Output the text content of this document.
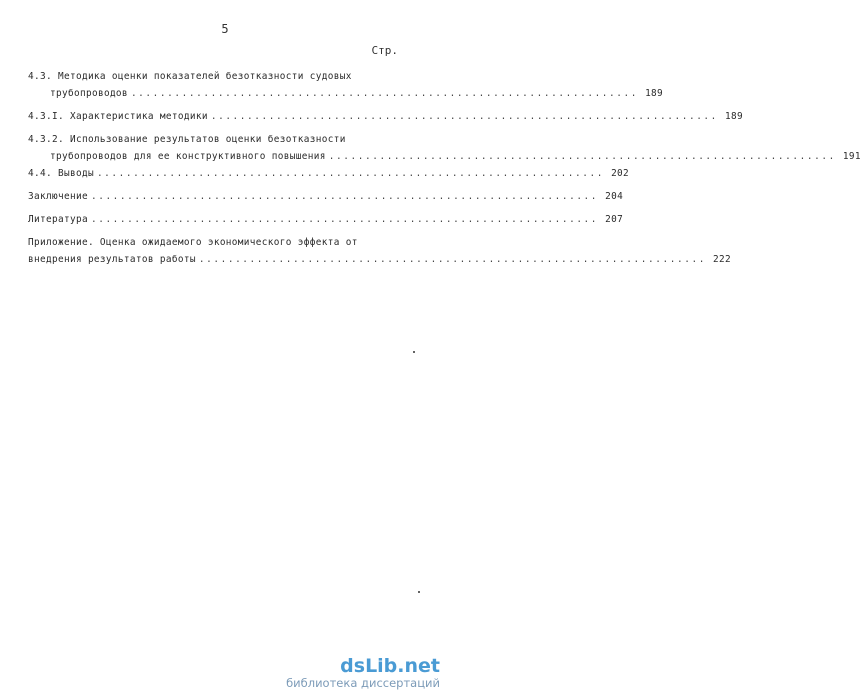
5
Стр.
4.3. Методика оценки показателей безотказности судовых
трубопроводов ...................................................................... 189
4.3.I. Характеристика методики ...................................................................... 189
4.3.2. Использование результатов оценки безотказности
трубопроводов для ее конструктивного повышения ...................................................................... 191
4.4. Выводы ...................................................................... 202
Заключение ...................................................................... 204
Литература ...................................................................... 207
Приложение. Оценка ожидаемого экономического эффекта от
внедрения результатов работы ...................................................................... 222
dsLib.net
библиотека диссертаций
